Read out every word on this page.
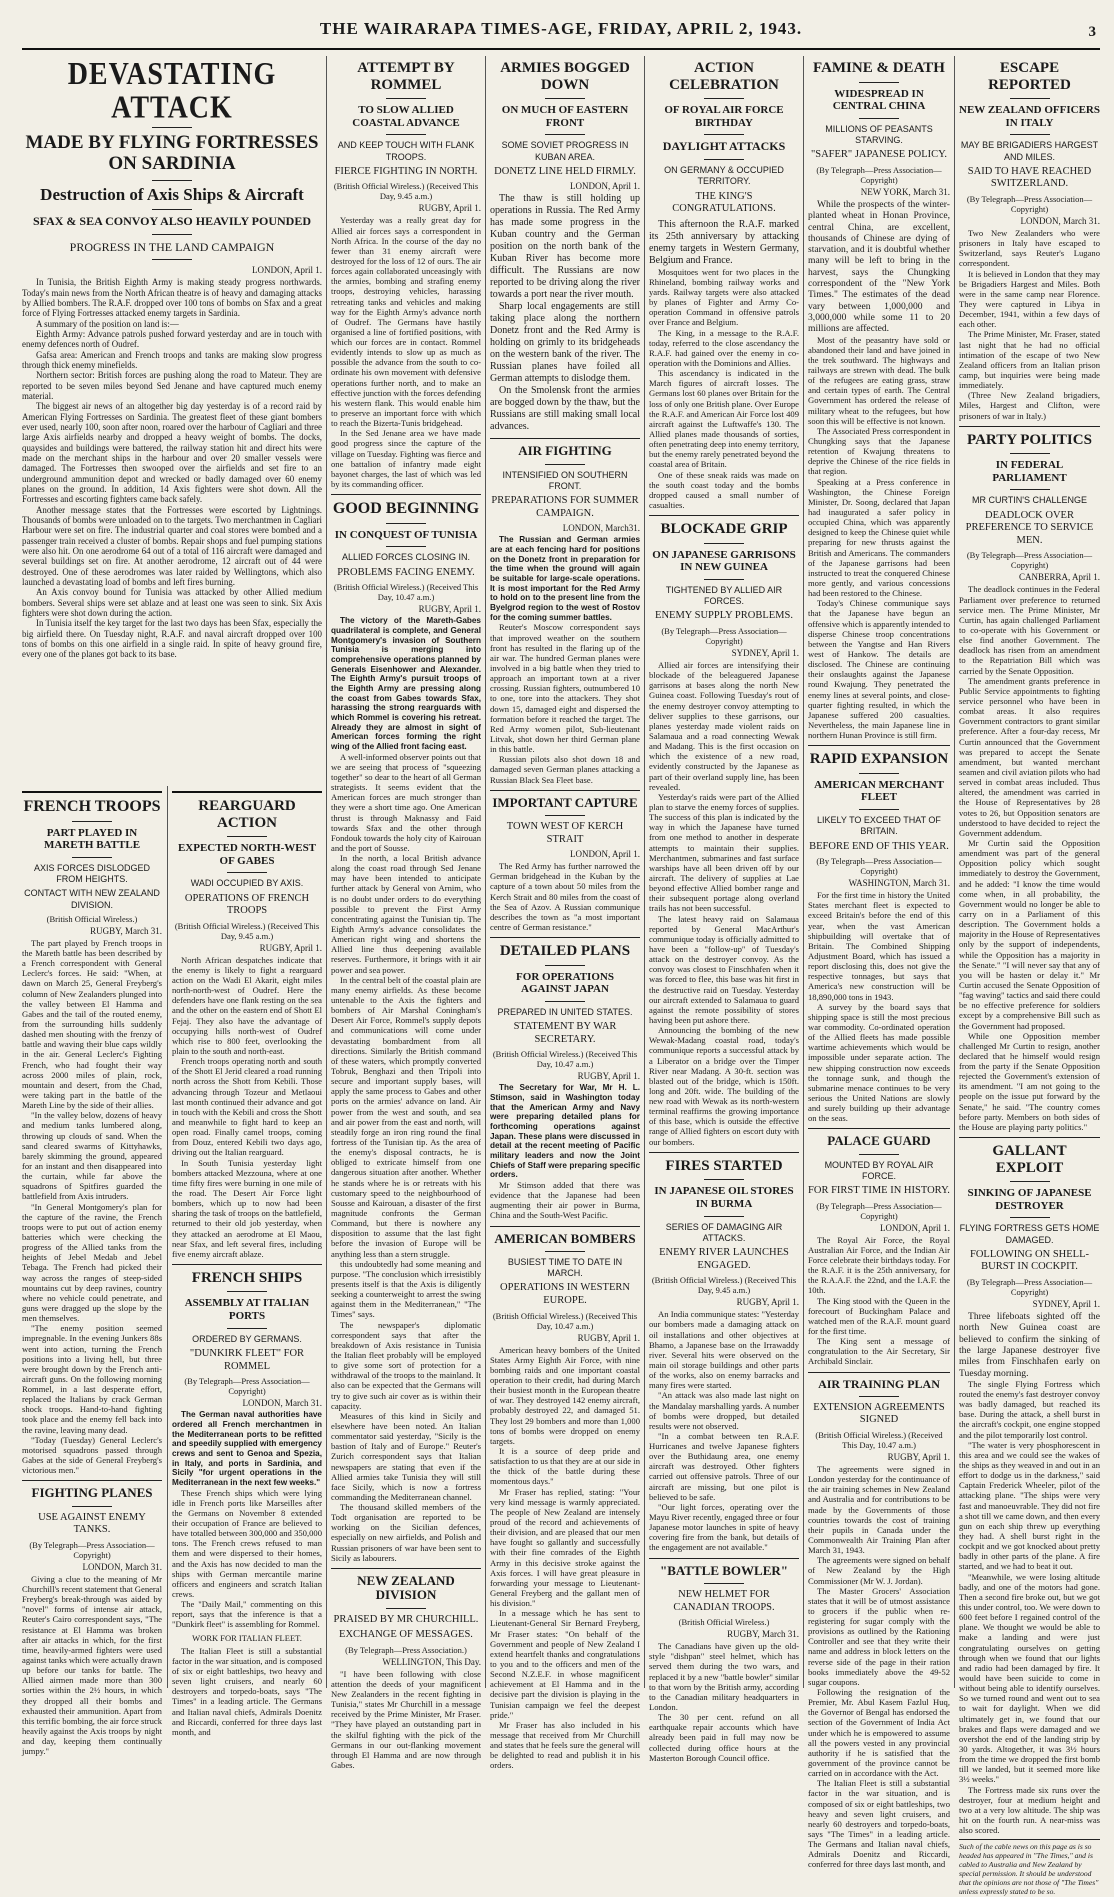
THE WAIRARAPA TIMES-AGE, FRIDAY, APRIL 2, 1943.	3
DEVASTATING ATTACK
MADE BY FLYING FORTRESSES ON SARDINIA
Destruction of Axis Ships & Aircraft
SFAX & SEA CONVOY ALSO HEAVILY POUNDED
PROGRESS IN THE LAND CAMPAIGN
LONDON, April 1.

In Tunisia, the British Eighth Army is making steady progress northwards. Today's main news from the North African theatre is of heavy and damaging attacks by Allied bombers. The R.A.F. dropped over 100 tons of bombs on Sfax and a great force of Flying Fortresses attacked enemy targets in Sardinia.

A summary of the position on land is:—

Eighth Army: Advance patrols pushed forward yesterday and are in touch with enemy defences north of Oudref.

Gafsa area: American and French troops and tanks are making slow progress through thick enemy minefields.

Northern sector: British forces are pushing along the road to Mateur. They are reported to be seven miles beyond Sed Jenane and have captured much enemy material.

The biggest air news of an altogether big day yesterday is of a record raid by American Flying Fortresses on Sardinia. The greatest fleet of these giant bombers ever used, nearly 100, soon after noon, roared over the harbour of Cagliari and three large Axis airfields nearby and dropped a heavy weight of bombs. The docks, quaysides and buildings were battered, the railway station hit and direct hits were made on the merchant ships in the harbour and over 20 smaller vessels were damaged. The Fortresses then swooped over the airfields and set fire to an underground ammunition depot and wrecked or badly damaged over 60 enemy planes on the ground. In addition, 14 Axis fighters were shot down. All the Fortresses and escorting fighters came back safely.

Another message states that the Fortresses were escorted by Lightnings. Thousands of bombs were unloaded on to the targets. Two merchantmen in Cagliari Harbour were set on fire. The industrial quarter and coal stores were bombed and a passenger train received a cluster of bombs. Repair shops and fuel pumping stations were also hit. On one aerodrome 64 out of a total of 116 aircraft were damaged and several buildings set on fire. At another aerodrome, 12 aircraft out of 44 were destroyed. One of these aerodromes was later raided by Wellingtons, which also launched a devastating load of bombs and left fires burning.

An Axis convoy bound for Tunisia was attacked by other Allied medium bombers. Several ships were set ablaze and at least one was seen to sink. Six Axis fighters were shot down during the action.

In Tunisia itself the key target for the last two days has been Sfax, especially the big airfield there. On Tuesday night, R.A.F. and naval aircraft dropped over 100 tons of bombs on this one airfield in a single raid. In spite of heavy ground fire, every one of the planes got back to its base.

FRENCH TROOPS
PART PLAYED IN MARETH BATTLE
AXIS FORCES DISLODGED FROM HEIGHTS.
CONTACT WITH NEW ZEALAND DIVISION.
(British Official Wireless.)
RUGBY, March 31.

The part played by French troops in the Mareth battle has been described by a French correspondent with General Leclerc's forces. He said: "When, at dawn on March 25, General Freyberg's column of New Zealanders plunged into the valley between El Hamma and Gabes and the tail of the routed enemy, from the surrounding hills suddenly dashed men shouting with the frenzy of battle and waving their blue caps wildly in the air. General Leclerc's Fighting French, who had fought their way across 2000 miles of plain, rock, mountain and desert, from the Chad, were taking part in the battle of the Mareth Line by the side of their allies.

"In the valley below, dozens of heavy and medium tanks lumbered along, throwing up clouds of sand. When the sand cleared swarms of Kittyhawks, barely skimming the ground, appeared for an instant and then disappeared into the curtain, while far above the squadrons of Spitfires guarded the battlefield from Axis intruders.

"In General Montgomery's plan for the capture of the ravine, the French troops were to put out of action enemy batteries which were checking the progress of the Allied tanks from the heights of Jebel Medab and Jebel Tebaga. The French had picked their way across the ranges of steep-sided mountains cut by deep ravines, country where no vehicle could penetrate, and guns were dragged up the slope by the men themselves.

"The enemy position seemed impregnable. In the evening Junkers 88s went into action, turning the French positions into a living hell, but three were brought down by the French anti-aircraft guns. On the following morning Rommel, in a last desperate effort, replaced the Italians by crack German shock troops. Hand-to-hand fighting took place and the enemy fell back into the ravine, leaving many dead.

"Today (Tuesday) General Leclerc's motorised squadrons passed through Gabes at the side of General Freyberg's victorious men."

FIGHTING PLANES
USE AGAINST ENEMY TANKS.
(By Telegraph—Press Association—Copyright)
LONDON, March 31.

Giving a clue to the meaning of Mr Churchill's recent statement that General Freyberg's break-through was aided by "novel" forms of intense air attack, Reuter's Cairo correspondent says, "The resistance at El Hamma was broken after air attacks in which, for the first time, heavily-armed fighters were used against tanks which were actually drawn up before our tanks for battle. The Allied airmen made more than 300 sorties within the 2½ hours, in which they dropped all their bombs and exhausted their ammunition. Apart from this terrific bombing, the air force struck heavily against the Axis troops by night and day, keeping them continually jumpy."

REARGUARD ACTION
EXPECTED NORTH-WEST OF GABES
WADI OCCUPIED BY AXIS.
OPERATIONS OF FRENCH TROOPS
(British Official Wireless.) (Received This Day, 9.45 a.m.)
RUGBY, April 1.

North African despatches indicate that the enemy is likely to fight a rearguard action on the Wadi El Akarit, eight miles north-north-west of Oudref. Here the defenders have one flank resting on the sea and the other on the eastern end of Shott El Fejaj. They also have the advantage of occupying hills north-west of Oudref which rise to 800 feet, overlooking the plain to the south and north-east.

French troops operating north and south of the Shott El Jerid cleared a road running north across the Shott from Kebili. Those advancing through Tozeur and Metlaoui last month continued their advance and got in touch with the Kebili and cross the Shott and meanwhile to fight hard to keep an open road. Finally camel troops, coming from Douz, entered Kebili two days ago, driving out the Italian rearguard.

In South Tunisia yesterday light bombers attacked Mezzouna, where at one time fifty fires were burning in one mile of the road. The Desert Air Force light bombers, which up to now had been sharing the task of troops on the battlefield, returned to their old job yesterday, when they attacked an aerodrome at El Maou, near Sfax, and left several fires, including five enemy aircraft ablaze.

FRENCH SHIPS
ASSEMBLY AT ITALIAN PORTS
ORDERED BY GERMANS.
"DUNKIRK FLEET" FOR ROMMEL
(By Telegraph—Press Association—Copyright)
LONDON, March 31.

The German naval authorities have ordered all French merchantmen in the Mediterranean ports to be refitted and speedily supplied with emergency crews and sent to Genoa and Spezia, in Italy, and ports in Sardinia, and Sicily "for urgent operations in the Mediterranean in the next few weeks."

These French ships which were lying idle in French ports like Marseilles after the Germans on November 8 extended their occupation of France are believed to have totalled between 300,000 and 350,000 tons. The French crews refused to man them and were dispersed to their homes, and the Axis has now decided to man the ships with German mercantile marine officers and engineers and scratch Italian crews.

The "Daily Mail," commenting on this report, says that the inference is that a "Dunkirk fleet" is assembling for Rommel.

WORK FOR ITALIAN FLEET.

The Italian Fleet is still a substantial factor in the war situation, and is composed of six or eight battleships, two heavy and seven light cruisers, and nearly 60 destroyers and torpedo-boats, says "The Times" in a leading article. The Germans and Italian naval chiefs, Admirals Doenitz and Riccardi, conferred for three days last month, and

ATTEMPT BY ROMMEL
TO SLOW ALLIED COASTAL ADVANCE
AND KEEP TOUCH WITH FLANK TROOPS.
FIERCE FIGHTING IN NORTH.
(British Official Wireless.) (Received This Day, 9.45 a.m.)
RUGBY, April 1.

Yesterday was a really great day for Allied air forces says a correspondent in North Africa. In the course of the day no fewer than 31 enemy aircraft were destroyed for the loss of 12 of ours. The air forces again collaborated unceasingly with the armies, bombing and strafing enemy troops, destroying vehicles, harassing retreating tanks and vehicles and making way for the Eighth Army's advance north of Oudref. The Germans have hastily organised a line of fortified positions, with which our forces are in contact. Rommel evidently intends to slow up as much as possible the advance from the south to co-ordinate his own movement with defensive operations further north, and to make an effective junction with the forces defending his western flank. This would enable him to preserve an important force with which to reach the Bizerta-Tunis bridgehead.

In the Sed Jenane area we have made good progress since the capture of the village on Tuesday. Fighting was fierce and one battalion of infantry made eight bayonet charges, the last of which was led by its commanding officer.

GOOD BEGINNING
IN CONQUEST OF TUNISIA
ALLIED FORCES CLOSING IN.
PROBLEMS FACING ENEMY.
(British Official Wireless.) (Received This Day, 10.47 a.m.)
RUGBY, April 1.

The victory of the Mareth-Gabes quadrilateral is complete, and General Montgomery's invasion of Southern Tunisia is merging into comprehensive operations planned by Generals Eisenhower and Alexander. The Eighth Army's pursuit troops of the Eighth Army are pressing along the coast from Gabes towards Sfax, harassing the strong rearguards with which Rommel is covering his retreat. Already they are almost in sight of American forces forming the right wing of the Allied front facing east.

A well-informed observer points out that we are seeing that process of "squeezing together" so dear to the heart of all German strategists. It seems evident that the American forces are much stronger than they were a short time ago. One American thrust is through Maknassy and Faid towards Sfax and the other through Fondouk towards the holy city of Kairouan and the port of Sousse.

In the north, a local British advance along the coast road through Sed Jenane may have been intended to anticipate further attack by General von Arnim, who is no doubt under orders to do everything possible to prevent the First Army concentrating against the Tunisian tip. The Eighth Army's advance consolidates the American right wing and shortens the Allied line thus deepening available reserves. Furthermore, it brings with it air power and sea power.

In the central belt of the coastal plain are many enemy airfields. As these become untenable to the Axis the fighters and bombers of Air Marshal Coningham's Desert Air Force, Rommel's supply depots and communications will come under devastating bombardment from all directions. Similarly the British command of these waters, which promptly converted Tobruk, Benghazi and then Tripoli into secure and important supply bases, will apply the same process to Gabes and other ports on the armies' advance on land. Air power from the west and south, and sea and air power from the east and north, will steadily forge an iron ring round the final fortress of the Tunisian tip. As the area of the enemy's disposal contracts, he is obliged to extricate himself from one dangerous situation after another. Whether he stands where he is or retreats with his customary speed to the neighbourhood of Sousse and Kairouan, a disaster of the first magnitude confronts the German Command, but there is nowhere any disposition to assume that the last fight before the invasion of Europe will be anything less than a stern struggle.

this undoubtedly had some meaning and purpose. "The conclusion which irresistibly presents itself is that the Axis is diligently seeking a counterweight to arrest the swing against them in the Mediterranean," "The Times" says.

The newspaper's diplomatic correspondent says that after the breakdown of Axis resistance in Tunisia the Italian fleet probably will be employed to give some sort of protection for a withdrawal of the troops to the mainland. It also can be expected that the Germans will try to give such air cover as is within their capacity.

Measures of this kind in Sicily and elsewhere have been noted. An Italian commentator said yesterday, "Sicily is the bastion of Italy and of Europe." Reuter's Zurich correspondent says that Italian newspapers are stating that even if the Allied armies take Tunisia they will still face Sicily, which is now a fortress commanding the Mediterranean channel.

The thousand skilled members of the Todt organisation are reported to be working on the Sicilian defences, especially on new airfields, and Polish and Russian prisoners of war have been sent to Sicily as labourers.

NEW ZEALAND DIVISION
PRAISED BY MR CHURCHILL.
EXCHANGE OF MESSAGES.
(By Telegraph—Press Association.)
WELLINGTON, This Day.

"I have been following with close attention the deeds of your magnificent New Zealanders in the recent fighting in Tunisia," states Mr Churchill in a message received by the Prime Minister, Mr Fraser. "They have played an outstanding part in the skilful fighting with the pick of the Germans in our out-flanking movement through El Hamma and are now through Gabes.

ARMIES BOGGED DOWN
ON MUCH OF EASTERN FRONT
SOME SOVIET PROGRESS IN KUBAN AREA.
DONETZ LINE HELD FIRMLY.
LONDON, April 1.

The thaw is still holding up operations in Russia. The Red Army has made some progress in the Kuban country and the German position on the north bank of the Kuban River has become more difficult. The Russians are now reported to be driving along the river towards a port near the river mouth.

Sharp local engagements are still taking place along the northern Donetz front and the Red Army is holding on grimly to its bridgeheads on the western bank of the river. The Russian planes have foiled all German attempts to dislodge them.

On the Smolensk front the armies are bogged down by the thaw, but the Russians are still making small local advances.

AIR FIGHTING
INTENSIFIED ON SOUTHERN FRONT.
PREPARATIONS FOR SUMMER CAMPAIGN.
LONDON, March31.

The Russian and German armies are at each fencing hard for positions on the Donetz front in preparation for the time when the ground will again be suitable for large-scale operations. It is most important for the Red Army to hold on to the present line from the Byelgrod region to the west of Rostov for the coming summer battles.

Reuter's Moscow correspondent says that improved weather on the southern front has resulted in the flaring up of the air war. The hundred German planes were involved in a big battle when they tried to approach an important town at a river crossing. Russian fighters, outnumbered 10 to one, tore into the attackers. They shot down 15, damaged eight and dispersed the formation before it reached the target. The Red Army women pilot, Sub-lieutenant Litvak, shot down her third German plane in this battle.

Russian pilots also shot down 18 and damaged seven German planes attacking a Russian Black Sea Fleet base.

IMPORTANT CAPTURE
TOWN WEST OF KERCH STRAIT
LONDON, April 1.

The Red Army has further narrowed the German bridgehead in the Kuban by the capture of a town about 50 miles from the Kerch Strait and 80 miles from the coast of the Sea of Azov. A Russian communique describes the town as "a most important centre of German resistance."

DETAILED PLANS
FOR OPERATIONS AGAINST JAPAN
PREPARED IN UNITED STATES.
STATEMENT BY WAR SECRETARY.
(British Official Wireless.) (Received This Day, 10.47 a.m.)
RUGBY, April 1.

The Secretary for War, Mr H. L. Stimson, said in Washington today that the American Army and Navy were preparing detailed plans for forthcoming operations against Japan. These plans were discussed in detail at the recent meeting of Pacific military leaders and now the Joint Chiefs of Staff were preparing specific orders.

Mr Stimson added that there was evidence that the Japanese had been augmenting their air power in Burma, China and the South-West Pacific.

AMERICAN BOMBERS
BUSIEST TIME TO DATE IN MARCH.
OPERATIONS IN WESTERN EUROPE.
(British Official Wireless.) (Received This Day, 10.47 a.m.)
RUGBY, April 1.

American heavy bombers of the United States Army Eighth Air Force, with nine bombing raids and one important coastal operation to their credit, had during March their busiest month in the European theatre of war. They destroyed 142 enemy aircraft, probably destroyed 22, and damaged 51. They lost 29 bombers and more than 1,000 tons of bombs were dropped on enemy targets.

It is a source of deep pride and satisfaction to us that they are at our side in the thick of the battle during these momentous days."

Mr Fraser has replied, stating: "Your very kind message is warmly appreciated. The people of New Zealand are intensely proud of the record and achievements of their division, and are pleased that our men have fought so gallantly and successfully with their fine comrades of the Eighth Army in this decisive stroke against the Axis forces. I will have great pleasure in forwarding your message to Lieutenant-General Freyberg and the gallant men of his division."

In a message which he has sent to Lieutenant-General Sir Bernard Freyberg, Mr Fraser states: "On behalf of the Government and people of New Zealand I extend heartfelt thanks and congratulations to you and to the officers and men of the Second N.Z.E.F. in whose magnificent achievement at El Hamma and in the decisive part the division is playing in the Tunisian campaign we feel the deepest pride."

Mr Fraser has also included in his message that received from Mr Churchill and states that he feels sure the general will be delighted to read and publish it in his orders.

ACTION CELEBRATION
OF ROYAL AIR FORCE BIRTHDAY
DAYLIGHT ATTACKS
ON GERMANY & OCCUPIED TERRITORY.
THE KING'S CONGRATULATIONS.

This afternoon the R.A.F. marked its 25th anniversary by attacking enemy targets in Western Germany, Belgium and France.

Mosquitoes went for two places in the Rhineland, bombing railway works and yards. Railway targets were also attacked by planes of Fighter and Army Co-operation Command in offensive patrols over France and Belgium.

The King, in a message to the R.A.F. today, referred to the close ascendancy the R.A.F. had gained over the enemy in co-operation with the Dominions and Allies.

This ascendancy is indicated in the March figures of aircraft losses. The Germans lost 60 planes over Britain for the loss of only one British plane. Over Europe the R.A.F. and American Air Force lost 409 aircraft against the Luftwaffe's 130. The Allied planes made thousands of sorties, often penetrating deep into enemy territory, but the enemy rarely penetrated beyond the coastal area of Britain.

One of these sneak raids was made on the south coast today and the bombs dropped caused a small number of casualties.

BLOCKADE GRIP
ON JAPANESE GARRISONS IN NEW GUINEA
TIGHTENED BY ALLIED AIR FORCES.
ENEMY SUPPLY PROBLEMS.
(By Telegraph—Press Association—Copyright)
SYDNEY, April 1.

Allied air forces are intensifying their blockade of the beleaguered Japanese garrisons at bases along the north New Guinea coast. Following Tuesday's rout of the enemy destroyer convoy attempting to deliver supplies to these garrisons, our planes yesterday made violent raids on Salamaua and a road connecting Wewak and Madang. This is the first occasion on which the existence of a new road, evidently constructed by the Japanese as part of their overland supply line, has been revealed.

Yesterday's raids were part of the Allied plan to starve the enemy forces of supplies. The success of this plan is indicated by the way in which the Japanese have turned from one method to another in desperate attempts to maintain their supplies. Merchantmen, submarines and fast surface warships have all been driven off by our aircraft. The delivery of supplies at Lae beyond effective Allied bomber range and their subsequent portage along overland trails has not been successful.

The latest heavy raid on Salamaua reported by General MacArthur's communique today is officially admitted to have been a "follow-up" of Tuesday's attack on the destroyer convoy. As the convoy was closest to Finschhafen when it was forced to flee, this base was hit first in the destructive raid on Tuesday. Yesterday our aircraft extended to Salamaua to guard against the remote possibility of stores having been put ashore there.

Announcing the bombing of the new Wewak-Madang coastal road, today's communique reports a successful attack by a Liberator on a bridge over the Timper River near Madang. A 30-ft. section was blasted out of the bridge, which is 150ft. long and 20ft. wide. The building of the new road with Wewak as its north-western terminal reaffirms the growing importance of this base, which is outside the effective range of Allied fighters on escort duty with our bombers.

FIRES STARTED
IN JAPANESE OIL STORES IN BURMA
SERIES OF DAMAGING AIR ATTACKS.
ENEMY RIVER LAUNCHES ENGAGED.
(British Official Wireless.) (Received This Day, 9.45 a.m.)
RUGBY, April 1.

An India communique states: "Yesterday our bombers made a damaging attack on oil installations and other objectives at Bhamo, a Japanese base on the Irrawaddy river. Several hits were observed on the main oil storage buildings and other parts of the works, also on enemy barracks and many fires were started.

"An attack was also made last night on the Mandalay marshalling yards. A number of bombs were dropped, but detailed results were not observed.

"In a combat between ten R.A.F. Hurricanes and twelve Japanese fighters over the Buthidaung area, one enemy aircraft was destroyed. Other fighters carried out offensive patrols. Three of our aircraft are missing, but one pilot is believed to be safe.

"Our light forces, operating over the Mayu River recently, engaged three or four Japanese motor launches in spite of heavy covering fire from the bank, but details of the engagement are not available."

"BATTLE BOWLER"
NEW HELMET FOR CANADIAN TROOPS.
(British Official Wireless.)
RUGBY, March 31.

The Canadians have given up the old-style "dishpan" steel helmet, which has served them during the two wars, and replaced it by a new "battle bowler" similar to that worn by the British army, according to the Canadian military headquarters in London.

The 30 per cent. refund on all earthquake repair accounts which have already been paid in full may now be collected during office hours at the Masterton Borough Council office.

FAMINE & DEATH
WIDESPREAD IN CENTRAL CHINA
MILLIONS OF PEASANTS STARVING.
"SAFER" JAPANESE POLICY.
(By Telegraph—Press Association—Copyright)
NEW YORK, March 31.

While the prospects of the winter-planted wheat in Honan Province, central China, are excellent, thousands of Chinese are dying of starvation, and it is doubtful whether many will be left to bring in the harvest, says the Chungking correspondent of the "New York Times." The estimates of the dead vary between 1,000,000 and 3,000,000 while some 11 to 20 millions are affected.

Most of the peasantry have sold or abandoned their land and have joined in the trek southward. The highways and railways are strewn with dead. The bulk of the refugees are eating grass, straw and certain types of earth. The Central Government has ordered the release of military wheat to the refugees, but how soon this will be effective is not known.

The Associated Press correspondent in Chungking says that the Japanese retention of Kwajung threatens to deprive the Chinese of the rice fields in that region.

Speaking at a Press conference in Washington, the Chinese Foreign Minister, Dr. Soong, declared that Japan had inaugurated a safer policy in occupied China, which was apparently designed to keep the Chinese quiet while preparing for new thrusts against the British and Americans. The commanders of the Japanese garrisons had been instructed to treat the conquered Chinese more gently, and various concessions had been restored to the Chinese.

Today's Chinese communique says that the Japanese have begun an offensive which is apparently intended to disperse Chinese troop concentrations between the Yangtse and Han Rivers west of Hankow. The details are disclosed. The Chinese are continuing their onslaughts against the Japanese round Kwajung. They penetrated the enemy lines at several points, and close-quarter fighting resulted, in which the Japanese suffered 200 casualties. Nevertheless, the main Japanese line in northern Hunan Province is still firm.

RAPID EXPANSION
AMERICAN MERCHANT FLEET
LIKELY TO EXCEED THAT OF BRITAIN.
BEFORE END OF THIS YEAR.
(By Telegraph—Press Association—Copyright)
WASHINGTON, March 31.

For the first time in history the United States merchant fleet is expected to exceed Britain's before the end of this year, when the vast American shipbuilding will overtake that of Britain. The Combined Shipping Adjustment Board, which has issued a report disclosing this, does not give the respective tonnages, but says that America's new construction will be 18,890,000 tons in 1943.

A survey by the board says that shipping space is still the most precious war commodity. Co-ordinated operation of the Allied fleets has made possible wartime achievements which would be impossible under separate action. The new shipping construction now exceeds the tonnage sunk, and though the submarine menace continues to be very serious the United Nations are slowly and surely building up their advantage on the seas.

PALACE GUARD
MOUNTED BY ROYAL AIR FORCE.
FOR FIRST TIME IN HISTORY.
(By Telegraph—Press Association—Copyright)
LONDON, April 1.

The Royal Air Force, the Royal Australian Air Force, and the Indian Air Force celebrate their birthdays today. For the R.A.F. it is the 25th anniversary, for the R.A.A.F. the 22nd, and the I.A.F. the 10th.

The King stood with the Queen in the forecourt of Buckingham Palace and watched men of the R.A.F. mount guard for the first time.

The King sent a message of congratulation to the Air Secretary, Sir Archibald Sinclair.

AIR TRAINING PLAN
EXTENSION AGREEMENTS SIGNED
(British Official Wireless.) (Received This Day, 10.47 a.m.)
RUGBY, April 1.

The agreements were signed in London yesterday for the continuance of the air training schemes in New Zealand and Australia and for contributions to be made by the Governments of those countries towards the cost of training their pupils in Canada under the Commonwealth Air Training Plan after March 31, 1943.

The agreements were signed on behalf of New Zealand by the High Commissioner (Mr W. J. Jordan).

The Master Grocers' Association states that it will be of utmost assistance to grocers if the public when re-registering for sugar comply with the provisions as outlined by the Rationing Controller and see that they write their name and address in block letters on the reverse side of the page in their ration books immediately above the 49-52 sugar coupons.

Following the resignation of the Premier, Mr. Abul Kasem Fazlul Huq, the Governor of Bengal has endorsed the section of the Government of India Act under which he is empowered to assume all the powers vested in any provincial authority if he is satisfied that the government of the province cannot be carried on in accordance with the Act.

The Italian Fleet is still a substantial factor in the war situation, and is composed of six or eight battleships, two heavy and seven light cruisers, and nearly 60 destroyers and torpedo-boats, says "The Times" in a leading article. The Germans and Italian naval chiefs, Admirals Doenitz and Riccardi, conferred for three days last month, and

ESCAPE REPORTED
NEW ZEALAND OFFICERS IN ITALY
MAY BE BRIGADIERS HARGEST AND MILES.
SAID TO HAVE REACHED SWITZERLAND.
(By Telegraph—Press Association—Copyright)
LONDON, March 31.

Two New Zealanders who were prisoners in Italy have escaped to Switzerland, says Reuter's Lugano correspondent.

It is believed in London that they may be Brigadiers Hargest and Miles. Both were in the same camp near Florence. They were captured in Libya in December, 1941, within a few days of each other.

The Prime Minister, Mr. Fraser, stated last night that he had no official intimation of the escape of two New Zealand officers from an Italian prison camp, but inquiries were being made immediately.

(Three New Zealand brigadiers, Miles, Hargest and Clifton, were prisoners of war in Italy.)

PARTY POLITICS
IN FEDERAL PARLIAMENT
MR CURTIN'S CHALLENGE
DEADLOCK OVER PREFERENCE TO SERVICE MEN.
(By Telegraph—Press Association—Copyright)
CANBERRA, April 1.

The deadlock continues in the Federal Parliament over preference to returned service men. The Prime Minister, Mr Curtin, has again challenged Parliament to co-operate with his Government or else find another Government. The deadlock has risen from an amendment to the Repatriation Bill which was carried by the Senate Opposition.

The amendment grants preference in Public Service appointments to fighting service personnel who have been in combat areas. It also requires Government contractors to grant similar preference. After a four-day recess, Mr Curtin announced that the Government was prepared to accept the Senate amendment, but wanted merchant seamen and civil aviation pilots who had served in combat areas included. Thus altered, the amendment was carried in the House of Representatives by 28 votes to 26, but Opposition senators are understood to have decided to reject the Government addendum.

Mr Curtin said the Opposition amendment was part of the general Opposition policy which sought immediately to destroy the Government, and he added: "I know the time would come when, in all probability, the Government would no longer be able to carry on in a Parliament of this description. The Government holds a majority in the House of Representatives only by the support of independents, while the Opposition has a majority in the Senate." "I will never say that any of you will be hasten or delay it." Mr Curtin accused the Senate Opposition of "fag waving" tactics and said there could be no effective preference for soldiers except by a comprehensive Bill such as the Government had proposed.

While one Opposition member challenged Mr Curtin to resign, another declared that he himself would resign from the party if the Senate Opposition rejected the Government's extension of its amendment. "I am not going to the people on the issue put forward by the Senate," he said. "The country comes before party. Members on both sides of the House are playing party politics."

GALLANT EXPLOIT
SINKING OF JAPANESE DESTROYER
FLYING FORTRESS GETS HOME DAMAGED.
FOLLOWING ON SHELL-BURST IN COCKPIT.
(By Telegraph—Press Association—Copyright)
SYDNEY, April 1.

Three lifeboats sighted off the north New Guinea coast are believed to confirm the sinking of the large Japanese destroyer five miles from Finschhafen early on Tuesday morning.

The single Flying Fortress which routed the enemy's fast destroyer convoy was badly damaged, but reached its base. During the attack, a shell burst in the aircraft's cockpit, one engine stopped and the pilot temporarily lost control.

"The water is very phosphorescent in this area and we could see the wakes of the ships as they weaved in and out in an effort to dodge us in the darkness," said Captain Frederick Wheeler, pilot of the attacking plane. "The ships were very fast and manoeuvrable. They did not fire a shot till we came down, and then every gun on each ship threw up everything they had. A shell burst right in the cockpit and we got knocked about pretty badly in other parts of the plane. A fire started, and we had to beat it out.

"Meanwhile, we were losing altitude badly, and one of the motors had gone. Then a second fire broke out, but we got this under control, too. We were down to 600 feet before I regained control of the plane. We thought we would be able to make a landing and were just congratulating ourselves on getting through when we found that our lights and radio had been damaged by fire. It would have been suicide to come in without being able to identify ourselves. So we turned round and went out to sea to wait for daylight. When we did ultimately get in, we found that our brakes and flaps were damaged and we overshot the end of the landing strip by 30 yards. Altogether, it was 3½ hours from the time we dropped the first bomb till we landed, but it seemed more like 3½ weeks."

The Fortress made six runs over the destroyer, four at medium height and two at a very low altitude. The ship was hit on the fourth run. A near-miss was also scored.

Such of the cable news on this page as is so headed has appeared in "The Times," and is cabled to Australia and New Zealand by special permission. It should be understood that the opinions are not those of "The Times" unless expressly stated to be so.
